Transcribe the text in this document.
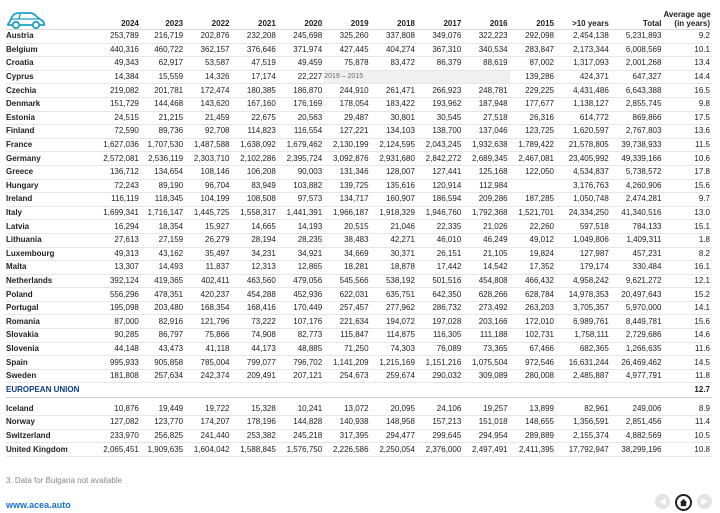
	2024	2023	2022	2021	2020	2019	2018	2017	2016	2015	>10 years	Total	Average age
(in years)
Austria	253,789	216,719	202,876	232,208	245,698	325,260	337,808	349,076	322,223	292,098	2,454,138	5,231,893	9.2
Belgium	440,316	460,722	362,157	376,646	371,974	427,445	404,274	367,310	340,534	283,847	2,173,344	6,008,569	10.1
Croatia	49,343	62,917	53,587	47,519	49,459	75,878	83,472	86,379	88,619	87,002	1,317,093	2,001,268	13.4
Cyprus	14,384	15,559	14,326	17,174	22,227	2019 – 2015				139,286	424,371	647,327	14.4
Czechia	219,082	201,781	172,474	180,385	186,870	244,910	261,471	266,923	248,781	229,225	4,431,486	6,643,388	16.5
Denmark	151,729	144,468	143,620	167,160	176,169	178,054	183,422	193,962	187,948	177,677	1,138,127	2,855,745	9.8
Estonia	24,515	21,215	21,459	22,675	20,563	29,487	30,801	30,545	27,518	26,316	614,772	869,866	17.5
Finland	72,590	89,736	92,708	114,823	116,554	127,221	134,103	138,700	137,046	123,725	1,620,597	2,767,803	13.6
France	1,627,036	1,707,530	1,487,588	1,638,092	1,679,462	2,130,199	2,124,595	2,043,245	1,932,638	1,789,422	21,578,805	39,738,933	11.5
Germany	2,572,081	2,536,119	2,303,710	2,102,286	2,395,724	3,092,876	2,931,680	2,842,272	2,689,345	2,467,081	23,405,992	49,339,166	10.6
Greece	136,712	134,654	108,146	106,208	90,003	131,346	128,007	127,441	125,168	122,050	4,534,837	5,738,572	17.8
Hungary	72,243	89,190	96,704	83,949	103,882	139,725	135,616	120,914	112,984		3,176,763	4,260,906	15.6
Ireland	116,119	118,345	104,199	108,508	97,573	134,717	160,907	186,594	209,286	187,285	1,050,748	2,474,281	9.7
Italy	1,699,341	1,716,147	1,445,725	1,558,317	1,441,391	1,966,187	1,918,329	1,946,760	1,792,368	1,521,701	24,334,250	41,340,516	13.0
Latvia	16,294	18,354	15,927	14,665	14,193	20,515	21,046	22,335	21,026	22,260	597,518	784,133	15.1
Lithuania	27,613	27,159	26,279	28,194	28,235	38,483	42,271	46,010	46,249	49,012	1,049,806	1,409,311	1.8
Luxembourg	49,313	43,162	35,497	34,231	34,921	34,669	30,371	26,151	21,105	19,824	127,987	457,231	8.2
Malta	13,307	14,493	11,837	12,313	12,865	18,281	18,878	17,442	14,542	17,352	179,174	330,484	16.1
Netherlands	392,124	419,365	402,411	463,560	479,056	545,566	538,192	501,516	454,808	466,432	4,958,242	9,621,272	12.1
Poland	556,296	478,351	420,237	454,288	452,936	622,031	635,751	642,350	628,266	628,784	14,978,353	20,497,643	15.2
Portugal	195,098	203,480	168,354	168,416	170,449	257,457	277,962	286,732	273,492	263,203	3,705,357	5,970,000	14.1
Romania	87,000	82,916	121,796	73,222	107,176	221,634	194,072	197,028	203,166	172,010	6,989,761	8,449,781	15.6
Slovakia	90,285	86,797	75,866	74,908	82,773	115,847	114,875	116,305	111,188	102,731	1,758,111	2,729,686	14.6
Slovenia	44,148	43,473	41,118	44,173	48,885	71,250	74,303	76,089	73,365	67,466	682,365	1,266,635	11.6
Spain	995,933	905,858	785,004	799,077	796,702	1,141,209	1,215,169	1,151,216	1,075,504	972,546	16,631,244	26,469,462	14.5
Sweden	181,808	257,634	242,374	209,491	207,121	254,673	259,674	290,032	309,089	280,008	2,485,887	4,977,791	11.8
EUROPEAN UNION													12.7

Iceland	10,876	19,449	19,722	15,328	10,241	13,072	20,095	24,106	19,257	13,899	82,961	249,006	8.9
Norway	127,082	123,770	174,207	178,196	144,828	140,938	148,958	157,213	151,018	148,655	1,356,591	2,851,456	11.4
Switzerland	233,970	256,825	241,440	253,382	245,218	317,395	294,477	299,645	294,954	289,889	2,155,374	4,882,569	10.5
United Kingdom	2,065,451	1,909,635	1,604,042	1,588,845	1,576,750	2,226,586	2,250,054	2,376,000	2,497,491	2,411,395	17,792,947	38,299,196	10.8
3. Data for Bulgaria not available
www.acea.auto	◀	▶
